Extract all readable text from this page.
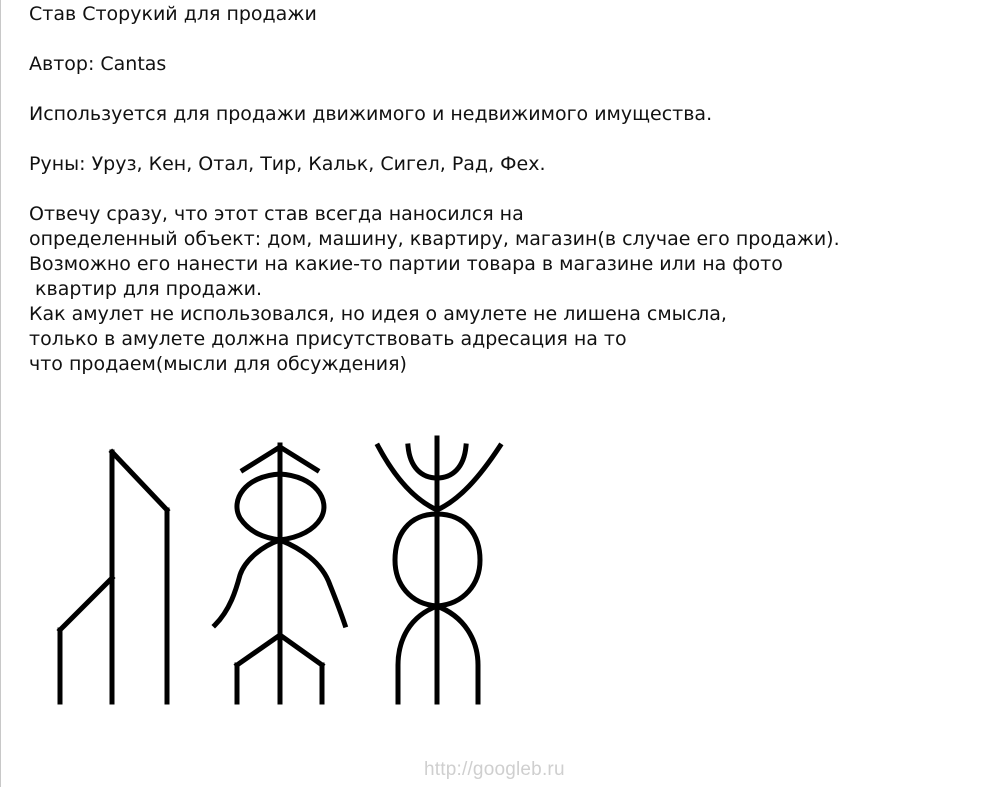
Став Сторукий для продажи

Автор: Cantas

Используется для продажи движимого и недвижимого имущества.

Руны: Уруз, Кен, Отал, Тир, Кальк, Сигел, Рад, Фех.

Отвечу сразу, что этот став всегда наносился на

определенный объект: дом, машину, квартиру, магазин(в случае его продажи).

Возможно его нанести на какие-то партии товара в магазине или на фото

квартир для продажи.

Как амулет не использовался, но идея о амулете не лишена смысла,

только в амулете должна присутствовать адресация на то

что продаем(мысли для обсуждения)

http://googleb.ru
